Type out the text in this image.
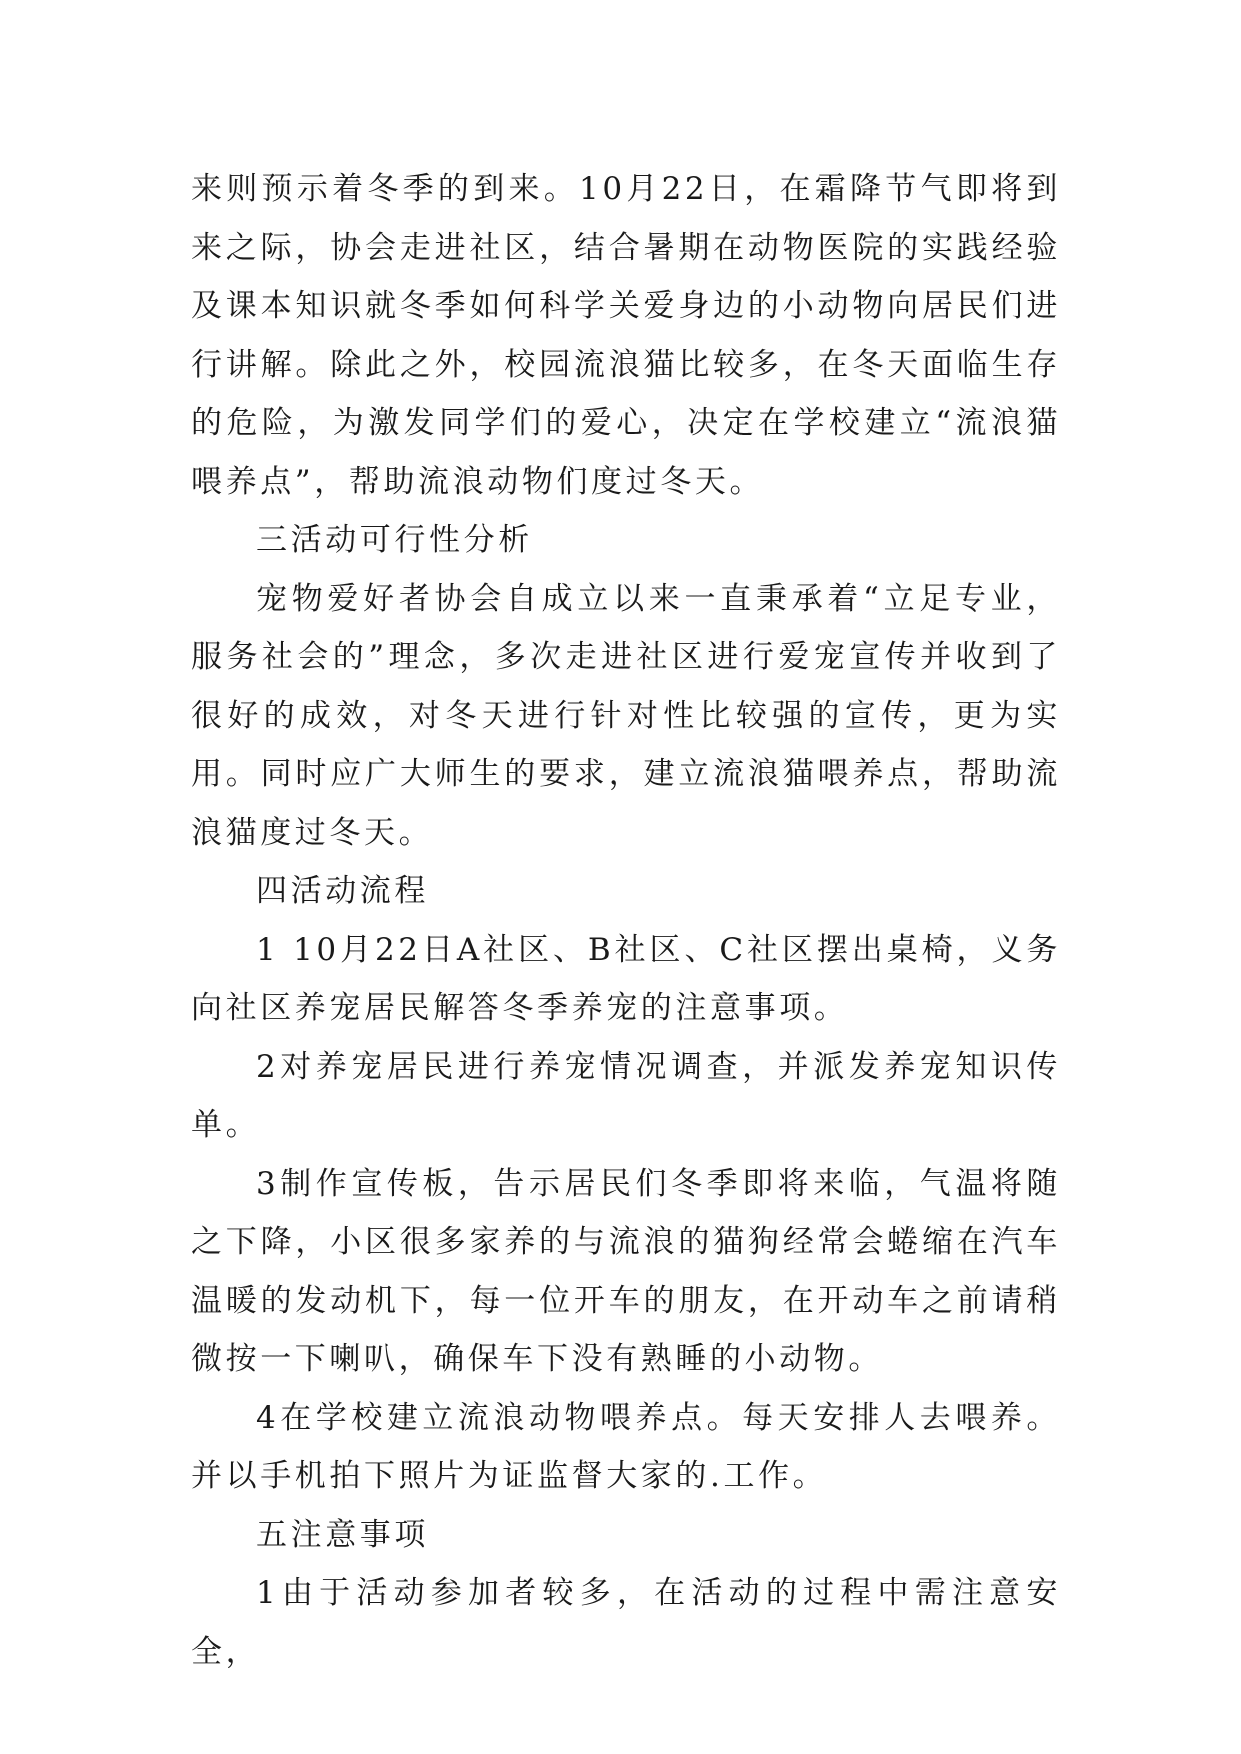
来则预示着冬季的到来。10月22日，在霜降节气即将到来之际，协会走进社区，结合暑期在动物医院的实践经验及课本知识就冬季如何科学关爱身边的小动物向居民们进行讲解。除此之外，校园流浪猫比较多，在冬天面临生存的危险，为激发同学们的爱心，决定在学校建立“流浪猫喂养点”，帮助流浪动物们度过冬天。

三活动可行性分析

宠物爱好者协会自成立以来一直秉承着“立足专业，服务社会的”理念，多次走进社区进行爱宠宣传并收到了很好的成效，对冬天进行针对性比较强的宣传，更为实用。同时应广大师生的要求，建立流浪猫喂养点，帮助流浪猫度过冬天。

四活动流程

1 10月22日A社区、B社区、C社区摆出桌椅，义务向社区养宠居民解答冬季养宠的注意事项。

2对养宠居民进行养宠情况调查，并派发养宠知识传单。

3制作宣传板，告示居民们冬季即将来临，气温将随之下降，小区很多家养的与流浪的猫狗经常会蜷缩在汽车温暖的发动机下，每一位开车的朋友，在开动车之前请稍微按一下喇叭，确保车下没有熟睡的小动物。

4在学校建立流浪动物喂养点。每天安排人去喂养。并以手机拍下照片为证监督大家的.工作。

五注意事项

1由于活动参加者较多，在活动的过程中需注意安全，
